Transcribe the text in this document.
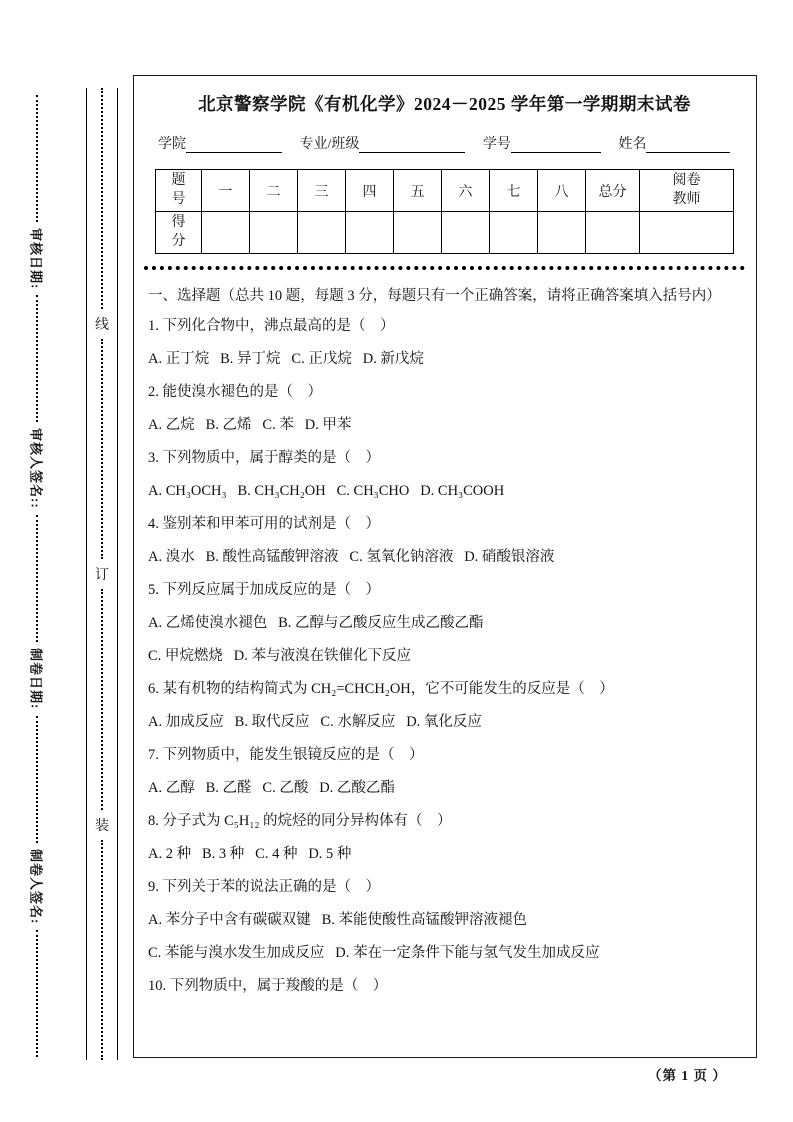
审核日期:
审核人签名::
制卷日期:
制卷人签名:
线
订
装
北京警察学院《有机化学》2024－2025 学年第一学期期末试卷
学院	专业/班级	学号	姓名
题号	一	二	三	四	五	六	七	八	总分	阅卷教师
得分										
一、选择题（总共 10 题，每题 3 分，每题只有一个正确答案，请将正确答案填入括号内）
1. 下列化合物中，沸点最高的是（　）
A. 正丁烷   B. 异丁烷   C. 正戊烷   D. 新戊烷
2. 能使溴水褪色的是（　）
A. 乙烷   B. 乙烯   C. 苯   D. 甲苯
3. 下列物质中，属于醇类的是（　）
A. CH₃OCH₃   B. CH₃CH₂OH   C. CH₃CHO   D. CH₃COOH
4. 鉴别苯和甲苯可用的试剂是（　）
A. 溴水   B. 酸性高锰酸钾溶液   C. 氢氧化钠溶液   D. 硝酸银溶液
5. 下列反应属于加成反应的是（　）
A. 乙烯使溴水褪色   B. 乙醇与乙酸反应生成乙酸乙酯
C. 甲烷燃烧   D. 苯与液溴在铁催化下反应
6. 某有机物的结构简式为 CH₂=CHCH₂OH，它不可能发生的反应是（　）
A. 加成反应   B. 取代反应   C. 水解反应   D. 氧化反应
7. 下列物质中，能发生银镜反应的是（　）
A. 乙醇   B. 乙醛   C. 乙酸   D. 乙酸乙酯
8. 分子式为 C₅H₁₂ 的烷烃的同分异构体有（　）
A. 2 种   B. 3 种   C. 4 种   D. 5 种
9. 下列关于苯的说法正确的是（　）
A. 苯分子中含有碳碳双键   B. 苯能使酸性高锰酸钾溶液褪色
C. 苯能与溴水发生加成反应   D. 苯在一定条件下能与氢气发生加成反应
10. 下列物质中，属于羧酸的是（　）
（第 1 页 ）
